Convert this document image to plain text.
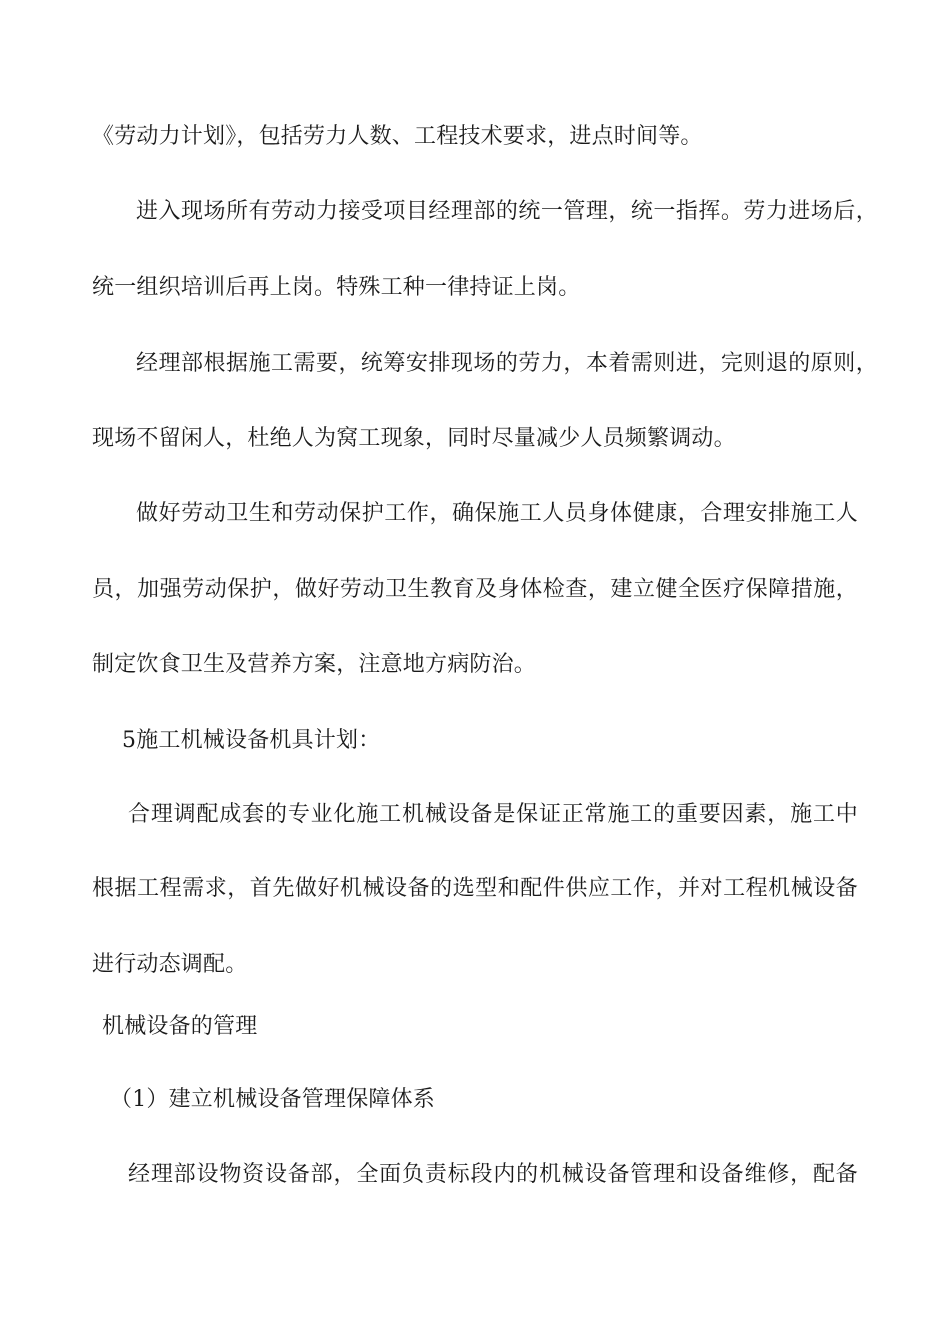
《劳动力计划》，包括劳力人数、工程技术要求，进点时间等。

进入现场所有劳动力接受项目经理部的统一管理，统一指挥。劳力进场后，

统一组织培训后再上岗。特殊工种一律持证上岗。

经理部根据施工需要，统筹安排现场的劳力，本着需则进，完则退的原则，

现场不留闲人，杜绝人为窝工现象，同时尽量减少人员频繁调动。

做好劳动卫生和劳动保护工作，确保施工人员身体健康，合理安排施工人

员，加强劳动保护，做好劳动卫生教育及身体检查，建立健全医疗保障措施，

制定饮食卫生及营养方案，注意地方病防治。

5施工机械设备机具计划：

合理调配成套的专业化施工机械设备是保证正常施工的重要因素，施工中

根据工程需求，首先做好机械设备的选型和配件供应工作，并对工程机械设备

进行动态调配。

机械设备的管理

（1）建立机械设备管理保障体系

经理部设物资设备部，全面负责标段内的机械设备管理和设备维修，配备
